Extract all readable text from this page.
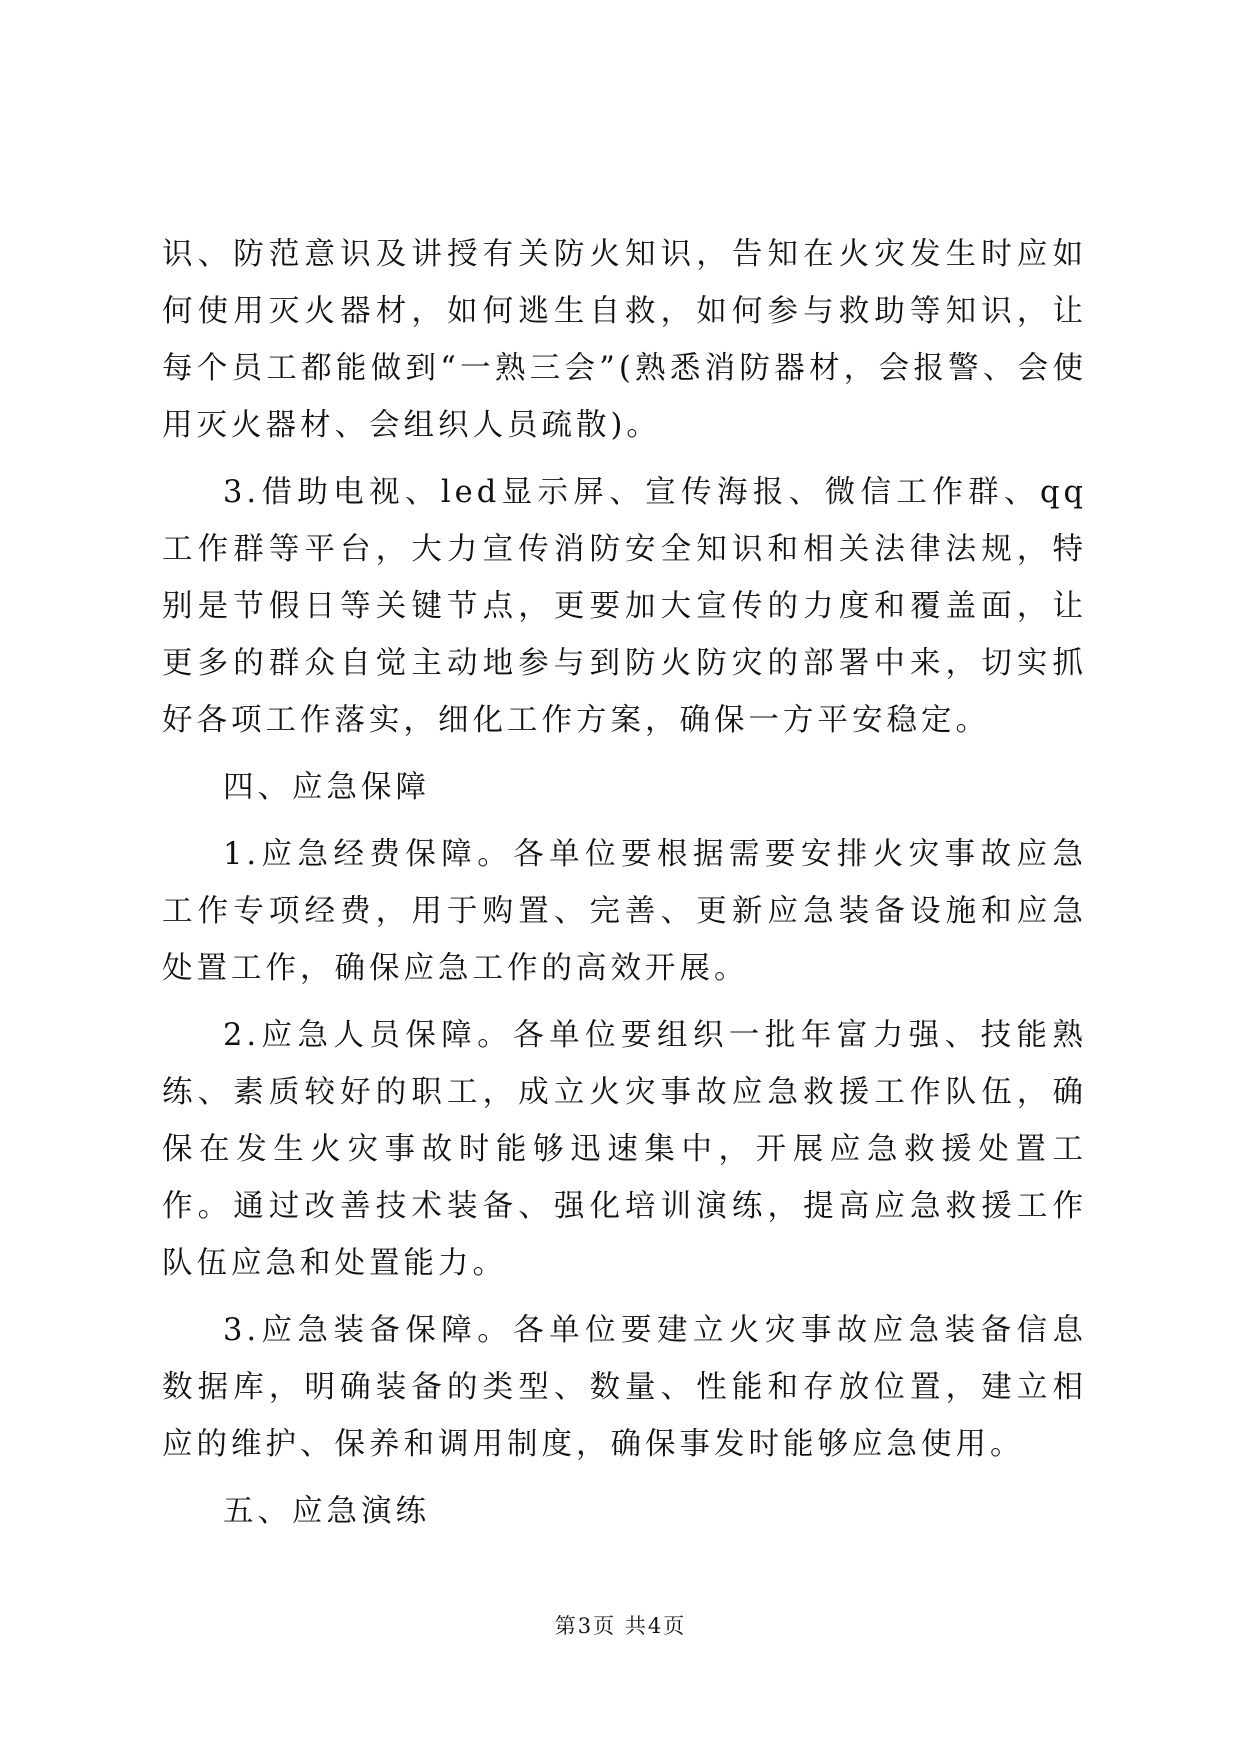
识、防范意识及讲授有关防火知识，告知在火灾发生时应如何使用灭火器材，如何逃生自救，如何参与救助等知识，让每个员工都能做到“一熟三会”(熟悉消防器材，会报警、会使用灭火器材、会组织人员疏散)。

3.借助电视、led显示屏、宣传海报、微信工作群、qq工作群等平台，大力宣传消防安全知识和相关法律法规，特别是节假日等关键节点，更要加大宣传的力度和覆盖面，让更多的群众自觉主动地参与到防火防灾的部署中来，切实抓好各项工作落实，细化工作方案，确保一方平安稳定。

四、应急保障

1.应急经费保障。各单位要根据需要安排火灾事故应急工作专项经费，用于购置、完善、更新应急装备设施和应急处置工作，确保应急工作的高效开展。

2.应急人员保障。各单位要组织一批年富力强、技能熟练、素质较好的职工，成立火灾事故应急救援工作队伍，确保在发生火灾事故时能够迅速集中，开展应急救援处置工作。通过改善技术装备、强化培训演练，提高应急救援工作队伍应急和处置能力。

3.应急装备保障。各单位要建立火灾事故应急装备信息数据库，明确装备的类型、数量、性能和存放位置，建立相应的维护、保养和调用制度，确保事发时能够应急使用。

五、应急演练

第3页 共4页
